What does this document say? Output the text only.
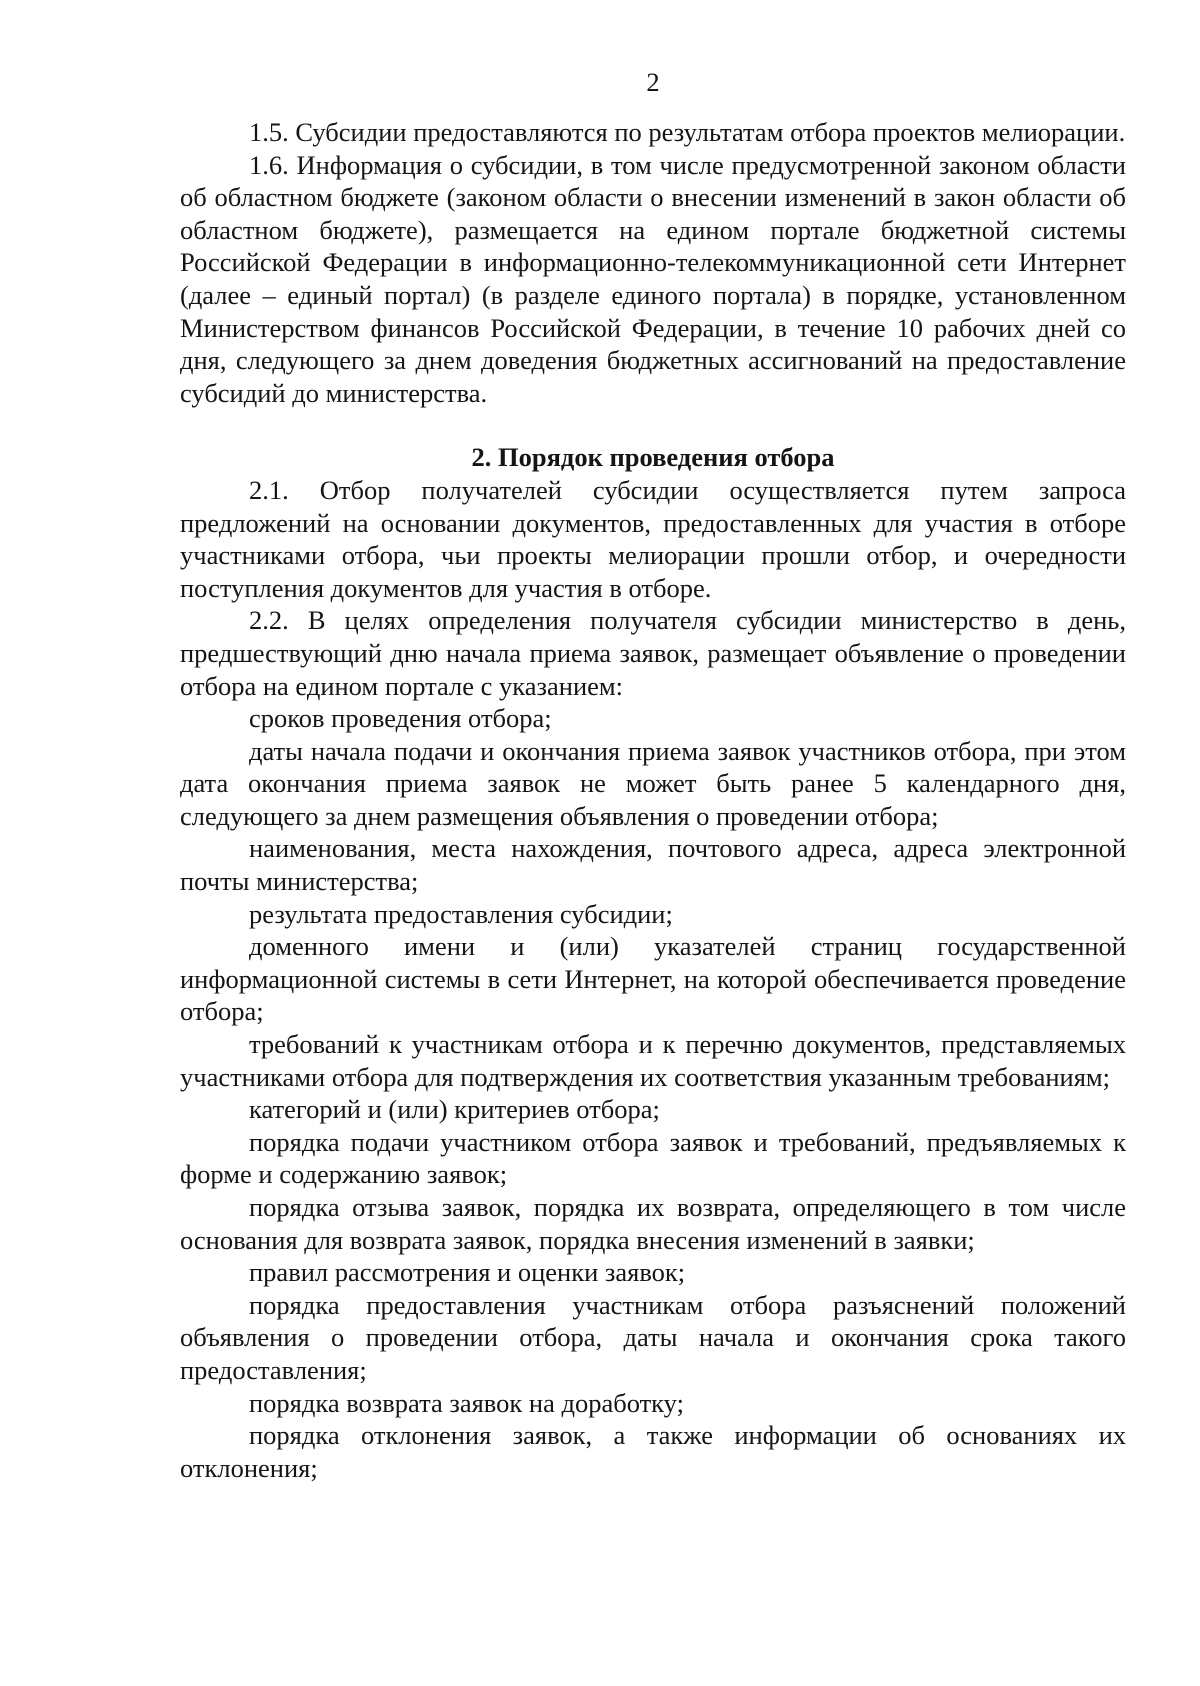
2

1.5. Субсидии предоставляются по результатам отбора проектов мелиорации.

1.6. Информация о субсидии, в том числе предусмотренной законом области об областном бюджете (законом области о внесении изменений в закон области об областном бюджете), размещается на едином портале бюджетной системы Российской Федерации в информационно-телекоммуникационной сети Интернет (далее – единый портал) (в разделе единого портала) в порядке, установленном Министерством финансов Российской Федерации, в течение 10 рабочих дней со дня, следующего за днем доведения бюджетных ассигнований на предоставление субсидий до министерства.

2. Порядок проведения отбора

2.1. Отбор получателей субсидии осуществляется путем запроса предложений на основании документов, предоставленных для участия в отборе участниками отбора, чьи проекты мелиорации прошли отбор, и очередности поступления документов для участия в отборе.

2.2. В целях определения получателя субсидии министерство в день, предшествующий дню начала приема заявок, размещает объявление о проведении отбора на едином портале с указанием:

сроков проведения отбора;

даты начала подачи и окончания приема заявок участников отбора, при этом дата окончания приема заявок не может быть ранее 5 календарного дня, следующего за днем размещения объявления о проведении отбора;

наименования, места нахождения, почтового адреса, адреса электронной почты министерства;

результата предоставления субсидии;

доменного имени и (или) указателей страниц государственной информационной системы в сети Интернет, на которой обеспечивается проведение отбора;

требований к участникам отбора и к перечню документов, представляемых участниками отбора для подтверждения их соответствия указанным требованиям;

категорий и (или) критериев отбора;

порядка подачи участником отбора заявок и требований, предъявляемых к форме и содержанию заявок;

порядка отзыва заявок, порядка их возврата, определяющего в том числе основания для возврата заявок, порядка внесения изменений в заявки;

правил рассмотрения и оценки заявок;

порядка предоставления участникам отбора разъяснений положений объявления о проведении отбора, даты начала и окончания срока такого предоставления;

порядка возврата заявок на доработку;

порядка отклонения заявок, а также информации об основаниях их отклонения;
